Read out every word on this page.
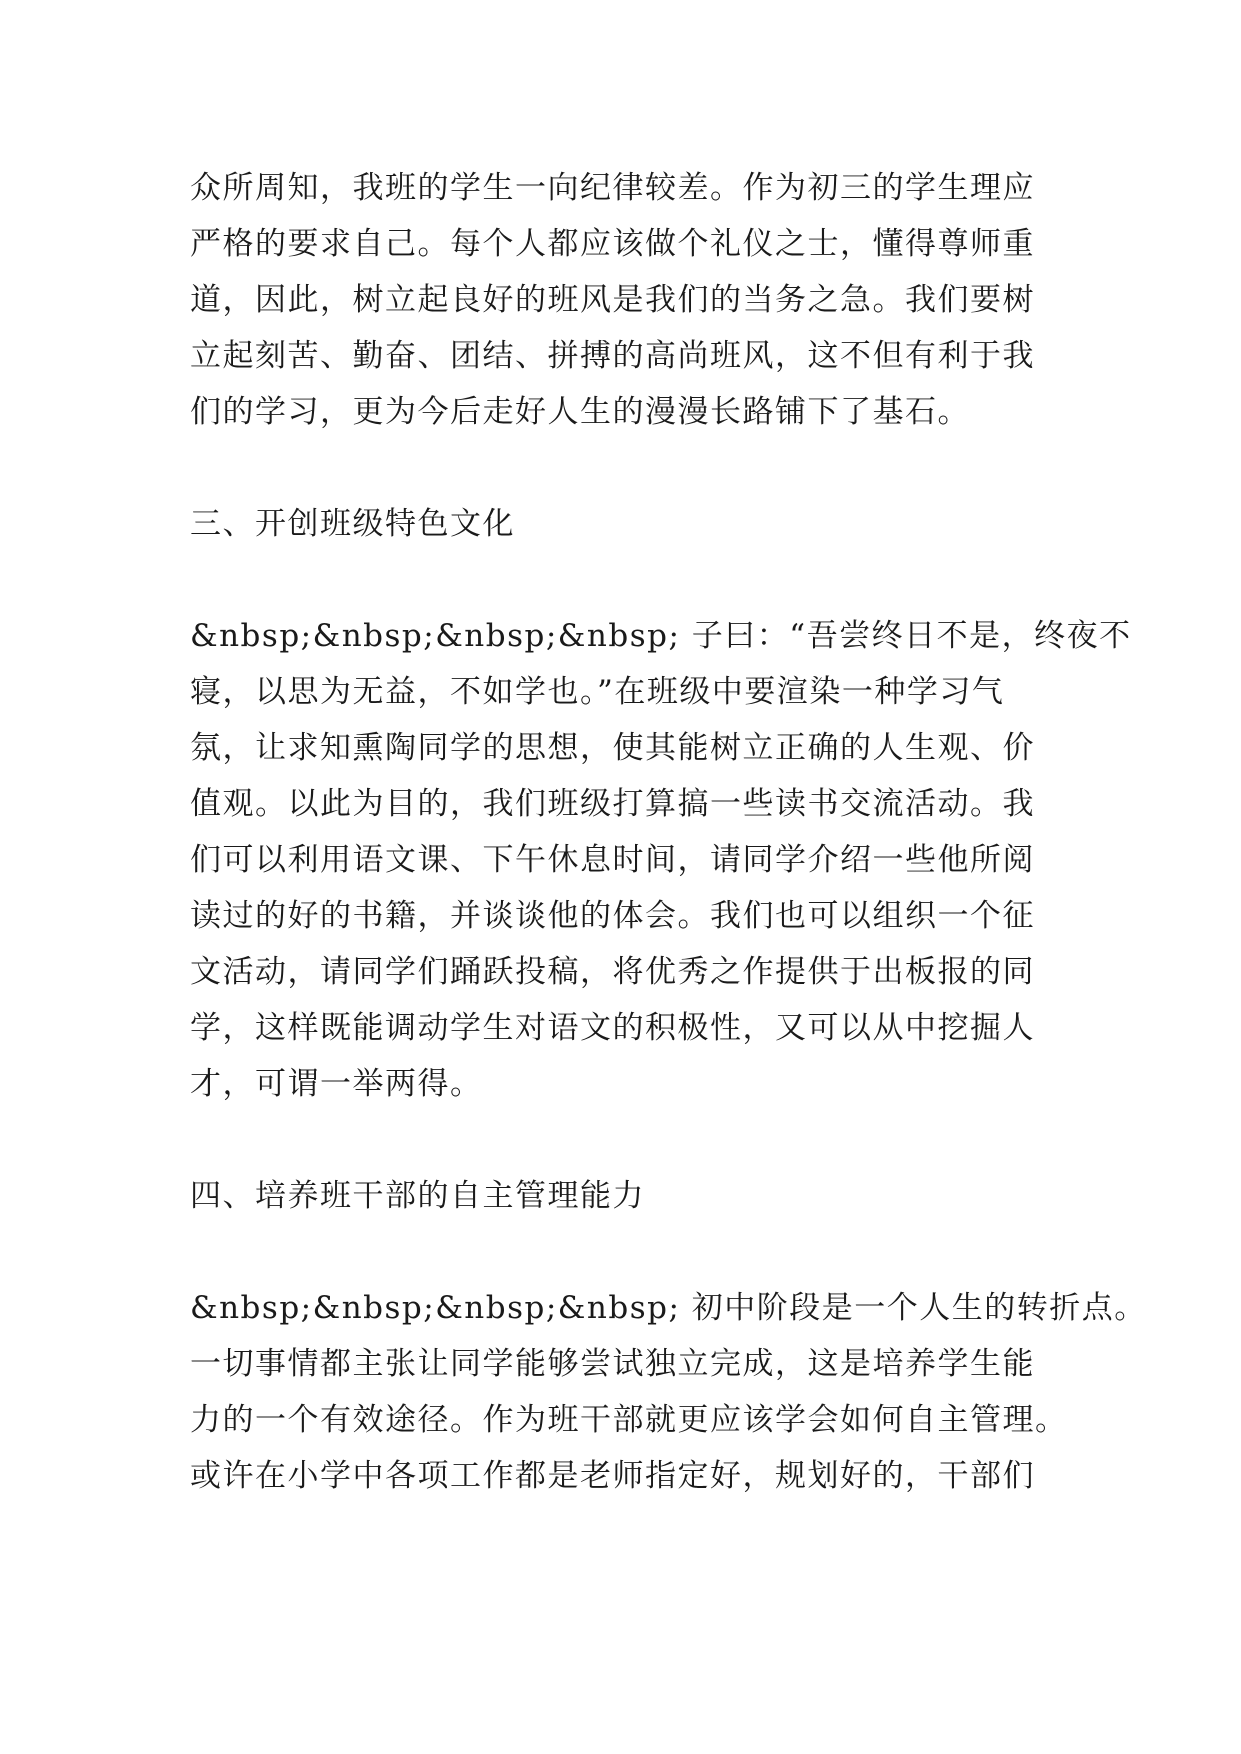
众所周知，我班的学生一向纪律较差。作为初三的学生理应
严格的要求自己。每个人都应该做个礼仪之士，懂得尊师重
道，因此，树立起良好的班风是我们的当务之急。我们要树
立起刻苦、勤奋、团结、拼搏的高尚班风，这不但有利于我
们的学习，更为今后走好人生的漫漫长路铺下了基石。
三、开创班级特色文化
&nbsp;&nbsp;&nbsp;&nbsp; 子曰：“吾尝终日不是，终夜不
寝，以思为无益，不如学也。”在班级中要渲染一种学习气
氛，让求知熏陶同学的思想，使其能树立正确的人生观、价
值观。以此为目的，我们班级打算搞一些读书交流活动。我
们可以利用语文课、下午休息时间，请同学介绍一些他所阅
读过的好的书籍，并谈谈他的体会。我们也可以组织一个征
文活动，请同学们踊跃投稿，将优秀之作提供于出板报的同
学，这样既能调动学生对语文的积极性，又可以从中挖掘人
才，可谓一举两得。
四、培养班干部的自主管理能力
&nbsp;&nbsp;&nbsp;&nbsp; 初中阶段是一个人生的转折点。
一切事情都主张让同学能够尝试独立完成，这是培养学生能
力的一个有效途径。作为班干部就更应该学会如何自主管理。
或许在小学中各项工作都是老师指定好，规划好的，干部们
